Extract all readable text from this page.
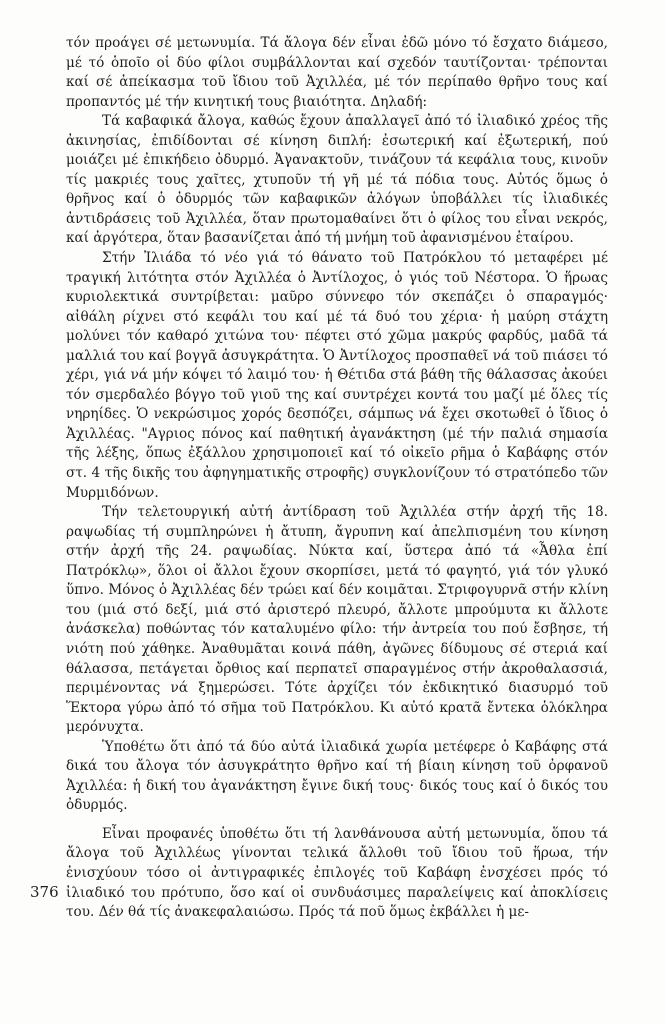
τόν προάγει σέ μετωνυμία. Τά ἄλογα δέν εἶναι ἐδῶ μόνο τό ἔσχατο διάμεσο, μέ τό ὁποῖο οἱ δύο φίλοι συμβάλλονται καί σχεδόν ταυτίζονται· τρέπονται καί σέ ἀπείκασμα τοῦ ἴδιου τοῦ Ἀχιλλέα, μέ τόν περίπαθο θρῆνο τους καί προπαντός μέ τήν κινητική τους βιαιότητα. Δηλαδή:

Τά καβαφικά ἄλογα, καθώς ἔχουν ἀπαλλαγεῖ ἀπό τό ἰλιαδικό χρέος τῆς ἀκινησίας, ἐπιδίδονται σέ κίνηση διπλή: ἐσωτερική καί ἐξωτερική, πού μοιάζει μέ ἐπικήδειο ὀδυρμό. Ἀγανακτοῦν, τινάζουν τά κεφάλια τους, κινοῦν τίς μακριές τους χαῖτες, χτυποῦν τή γῆ μέ τά πόδια τους. Αὐτός ὅμως ὁ θρῆνος καί ὁ ὀδυρμός τῶν καβαφικῶν ἀλόγων ὑποβάλλει τίς ἰλιαδικές ἀντιδράσεις τοῦ Ἀχιλλέα, ὅταν πρωτομαθαίνει ὅτι ὁ φίλος του εἶναι νεκρός, καί ἀργότερα, ὅταν βασανίζεται ἀπό τή μνήμη τοῦ ἀφανισμένου ἑταίρου.

Στήν Ἰλιάδα τό νέο γιά τό θάνατο τοῦ Πατρόκλου τό μεταφέρει μέ τραγική λιτότητα στόν Ἀχιλλέα ὁ Ἀντίλοχος, ὁ γιός τοῦ Νέστορα. Ὁ ἥρωας κυριολεκτικά συντρίβεται: μαῦρο σύννεφο τόν σκεπάζει ὁ σπαραγμός· αἰθάλη ρίχνει στό κεφάλι του καί μέ τά δυό του χέρια· ἡ μαύρη στάχτη μολύνει τόν καθαρό χιτώνα του· πέφτει στό χῶμα μακρύς φαρδύς, μαδᾶ τά μαλλιά του καί βογγᾶ ἀσυγκράτητα. Ὁ Ἀντίλοχος προσπαθεῖ νά τοῦ πιάσει τό χέρι, γιά νά μήν κόψει τό λαιμό του· ἡ Θέτιδα στά βάθη τῆς θάλασσας ἀκούει τόν σμερδαλέο βόγγο τοῦ γιοῦ της καί συντρέχει κοντά του μαζί μέ ὅλες τίς νηρηίδες. Ὁ νεκρώσιμος χορός δεσπόζει, σάμπως νά ἔχει σκοτωθεῖ ὁ ἴδιος ὁ Ἀχιλλέας. "Αγριος πόνος καί παθητική ἀγανάκτηση (μέ τήν παλιά σημασία τῆς λέξης, ὅπως ἐξάλλου χρησιμοποιεῖ καί τό οἰκεῖο ρῆμα ὁ Καβάφης στόν στ. 4 τῆς δικῆς του ἀφηγηματικῆς στροφῆς) συγκλονίζουν τό στρατόπεδο τῶν Μυρμιδόνων.

Τήν τελετουργική αὐτή ἀντίδραση τοῦ Ἀχιλλέα στήν ἀρχή τῆς 18. ραψωδίας τή συμπληρώνει ἡ ἄτυπη, ἄγρυπνη καί ἀπελπισμένη του κίνηση στήν ἀρχή τῆς 24. ραψωδίας. Νύκτα καί, ὕστερα ἀπό τά «Ἆθλα ἐπί Πατρόκλῳ», ὅλοι οἱ ἄλλοι ἔχουν σκορπίσει, μετά τό φαγητό, γιά τόν γλυκό ὕπνο. Μόνος ὁ Ἀχιλλέας δέν τρώει καί δέν κοιμᾶται. Στριφογυρνᾶ στήν κλίνη του (μιά στό δεξί, μιά στό ἀριστερό πλευρό, ἄλλοτε μπρούμυτα κι ἄλλοτε ἀνάσκελα) ποθώντας τόν καταλυμένο φίλο: τήν ἀντρεία του πού ἔσβησε, τή νιότη πού χάθηκε. Ἀναθυμᾶται κοινά πάθη, ἀγῶνες δίδυμους σέ στεριά καί θάλασσα, πετάγεται ὄρθιος καί περπατεῖ σπαραγμένος στήν ἀκροθαλασσιά, περιμένοντας νά ξημερώσει. Τότε ἀρχίζει τόν ἐκδικητικό διασυρμό τοῦ Ἕκτορα γύρω ἀπό τό σῆμα τοῦ Πατρόκλου. Κι αὐτό κρατᾶ ἔντεκα ὁλόκληρα μερόνυχτα.

Ὑποθέτω ὅτι ἀπό τά δύο αὐτά ἰλιαδικά χωρία μετέφερε ὁ Καβάφης στά δικά του ἄλογα τόν ἀσυγκράτητο θρῆνο καί τή βίαιη κίνηση τοῦ ὀρφανοῦ Ἀχιλλέα: ἡ δική του ἀγανάκτηση ἔγινε δική τους· δικός τους καί ὁ δικός του ὀδυρμός.

Εἶναι προφανές ὑποθέτω ὅτι τή λανθάνουσα αὐτή μετωνυμία, ὅπου τά ἄλογα τοῦ Ἀχιλλέως γίνονται τελικά ἄλλοθι τοῦ ἴδιου τοῦ ἥρωα, τήν ἐνισχύουν τόσο οἱ ἀντιγραφικές ἐπιλογές τοῦ Καβάφη ἐνσχέσει πρός τό ἰλιαδικό του πρότυπο, ὅσο καί οἱ συνδυάσιμες παραλείψεις καί ἀποκλίσεις του. Δέν θά τίς ἀνακεφαλαιώσω. Πρός τά ποῦ ὅμως ἐκβάλλει ἡ με-

376
